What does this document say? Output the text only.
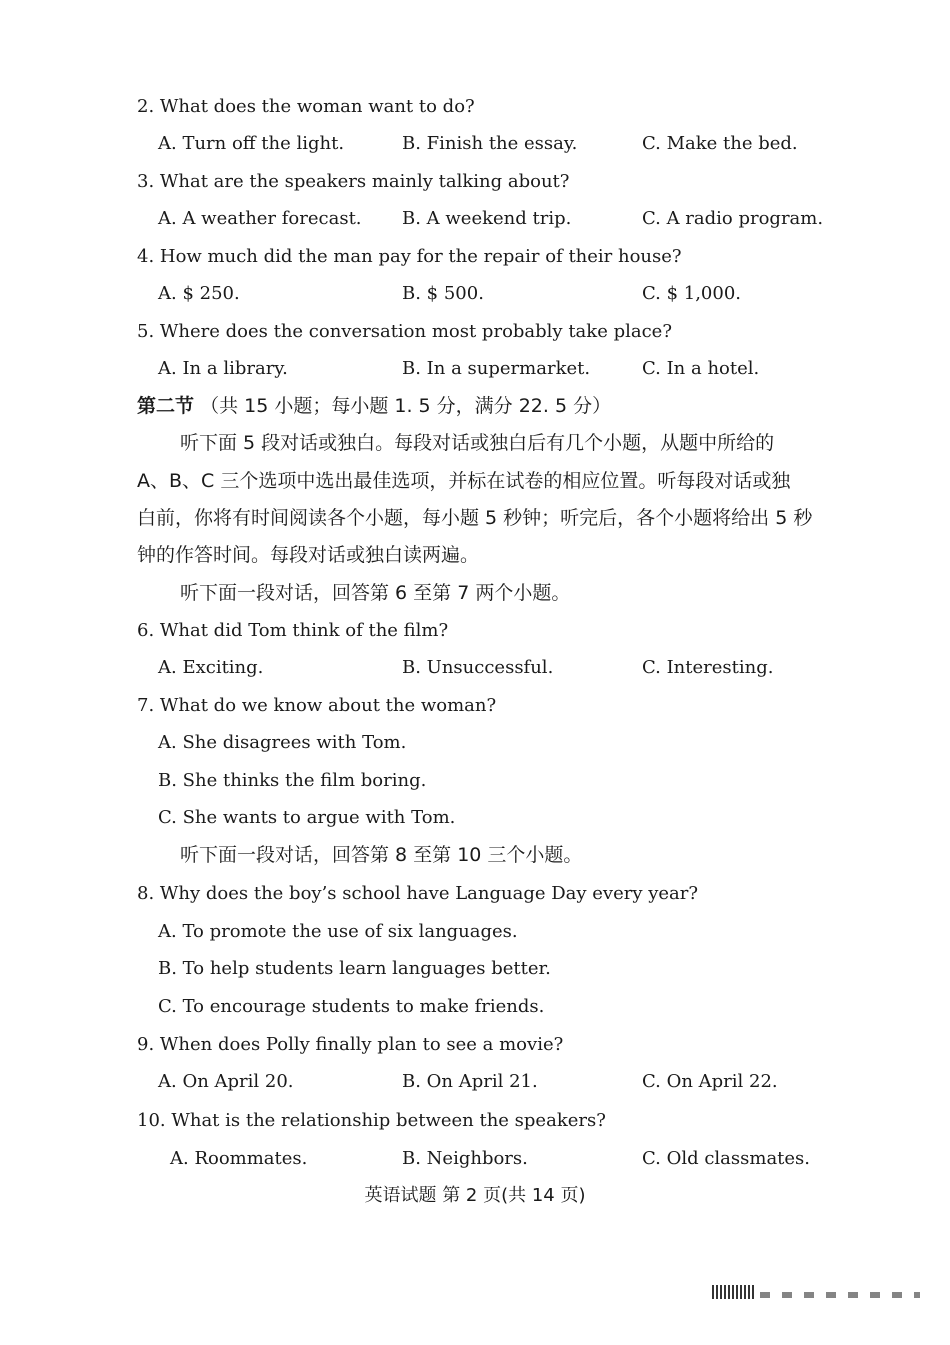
2. What does the woman want to do?
A. Turn off the light.	B. Finish the essay.	C. Make the bed.
3. What are the speakers mainly talking about?
A. A weather forecast. B. A weekend trip.	C. A radio program.
4. How much did the man pay for the repair of their house?
A. $ 250.	B. $ 500.	C. $ 1,000.
5. Where does the conversation most probably take place?
A. In a library.	B. In a supermarket.	C. In a hotel.
第二节 （共 15 小题；每小题 1. 5 分，满分 22. 5 分）
听下面 5 段对话或独白。每段对话或独白后有几个小题，从题中所给的
A、B、C 三个选项中选出最佳选项，并标在试卷的相应位置。听每段对话或独
白前，你将有时间阅读各个小题，每小题 5 秒钟；听完后，各个小题将给出 5 秒
钟的作答时间。每段对话或独白读两遍。
听下面一段对话，回答第 6 至第 7 两个小题。
6. What did Tom think of the film?
A. Exciting.	B. Unsuccessful.	C. Interesting.
7. What do we know about the woman?
A. She disagrees with Tom.
B. She thinks the film boring.
C. She wants to argue with Tom.
听下面一段对话，回答第 8 至第 10 三个小题。
8. Why does the boy’s school have Language Day every year?
A. To promote the use of six languages.
B. To help students learn languages better.
C. To encourage students to make friends.
9. When does Polly finally plan to see a movie?
A. On April 20.	B. On April 21.	C. On April 22.
10. What is the relationship between the speakers?
A. Roommates.	B. Neighbors.	C. Old classmates.
英语试题 第 2 页(共 14 页)
